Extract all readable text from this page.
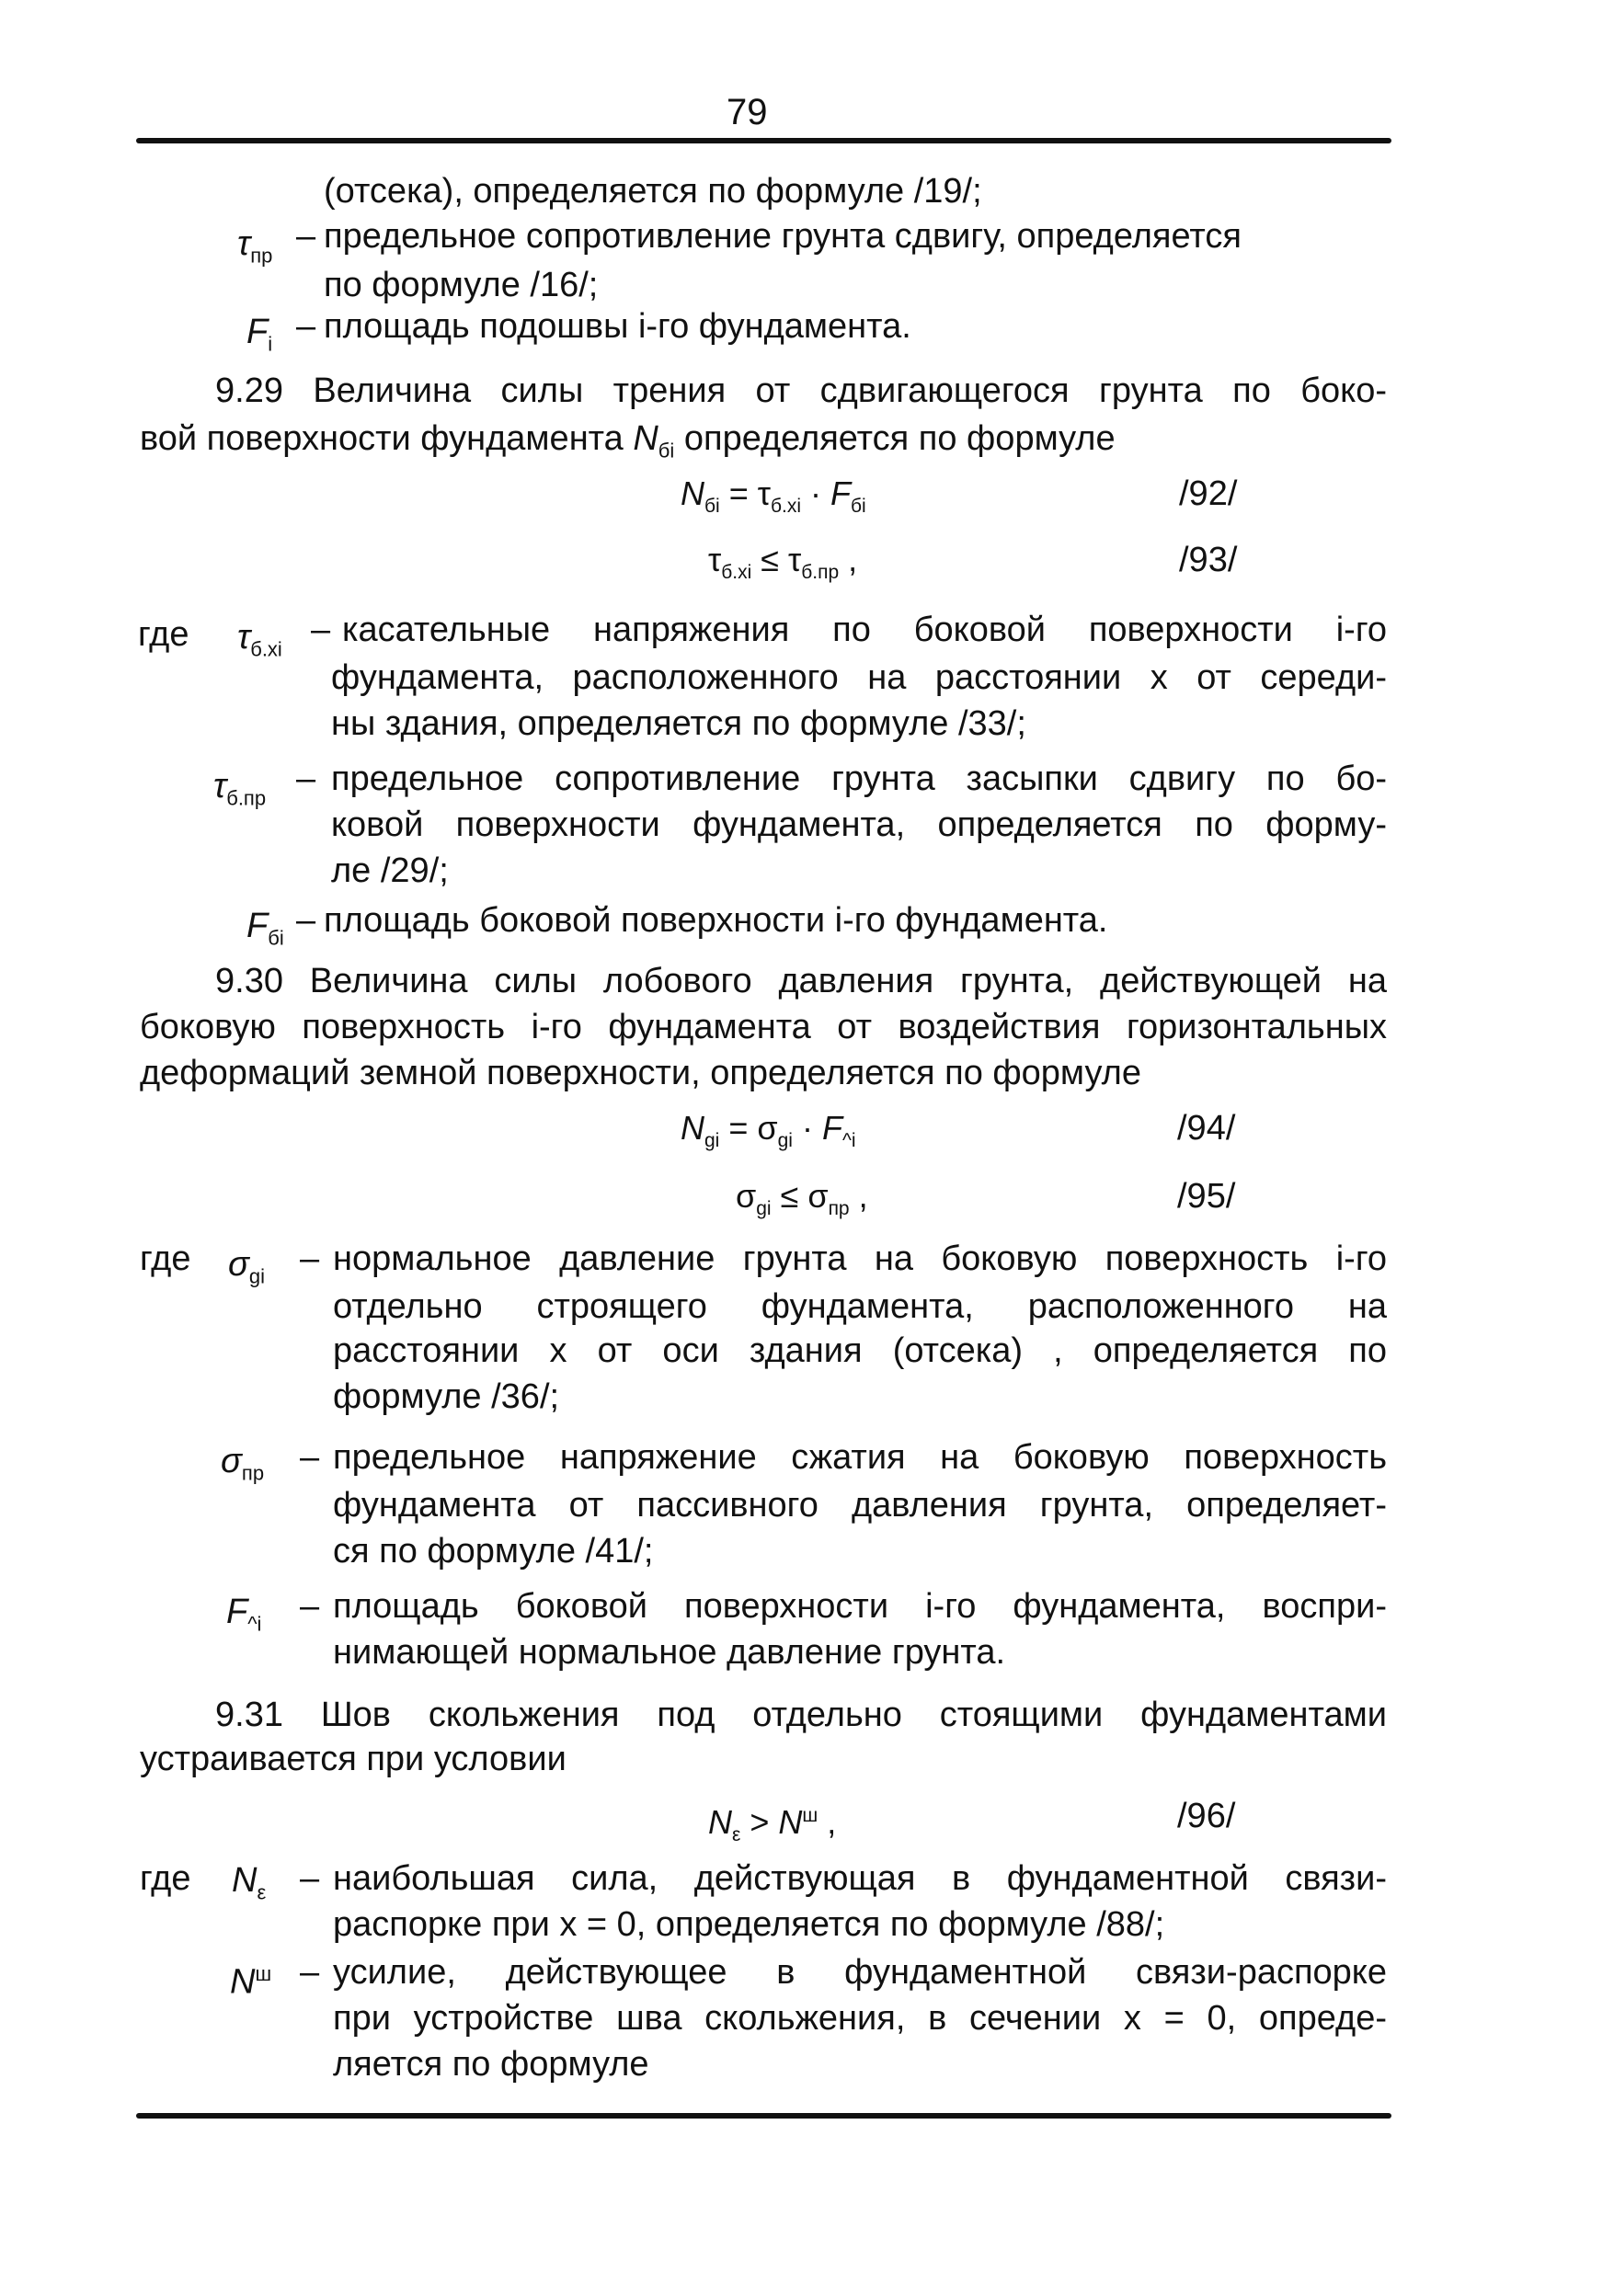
79
(отсека), определяется по формуле /19/;
$\tau_{пр}$
– предельное сопротивление грунта сдвигу, определяется
по формуле /16/;
$F_i$ – площадь подошвы i-го фундамента.
9.29 Величина силы трения от сдвигающегося грунта по боко-
вой поверхности фундамента $N_{бi}$ определяется по формуле
$N_{бi} = \tau_{б.xi} \cdot F_{бi}$	/92/
$\tau_{б.xi} \le \tau_{б.пр}$ ,	/93/
где $\tau_{б.xi}$
– касательные напряжения по боковой поверхности i-го
фундамента, расположенного на расстоянии x от середи-
ны здания, определяется по формуле /33/;
$\tau_{б.пр}$
– предельное сопротивление грунта засыпки сдвигу по бо-
ковой поверхности фундамента, определяется по форму-
ле /29/;
$F_{бi}$ – площадь боковой поверхности i-го фундамента.
9.30 Величина силы лобового давления грунта, действующей на
боковую поверхность i-го фундамента от воздействия горизонтальных
деформаций земной поверхности, определяется по формуле
$N_{gi} = \sigma_{gi} \cdot F_{\^{}i}$	/94/
$\sigma_{gi} \le \sigma_{пр}$ ,	/95/
где $\sigma_{gi}$ – нормальное давление грунта на боковую поверхность i-го
отдельно строящего фундамента, расположенного на
расстоянии x от оси здания (отсека) , определяется по
формуле /36/;
$\sigma_{пр}$ – предельное напряжение сжатия на боковую поверхность
фундамента от пассивного давления грунта, определяет-
ся по формуле /41/;
$F_{\^{}i}$ – площадь боковой поверхности i-го фундамента, воспри-
нимающей нормальное давление грунта.
9.31 Шов скольжения под отдельно стоящими фундаментами
устраивается при условии
$N_\varepsilon > N^ш$ ,	/96/
где $N_\varepsilon$ – наибольшая сила, действующая в фундаментной связи-
распорке при x = 0, определяется по формуле /88/;
$N^ш$ – усилие, действующее в фундаментной связи-распорке
при устройстве шва скольжения, в сечении x = 0, опреде-
ляется по формуле
